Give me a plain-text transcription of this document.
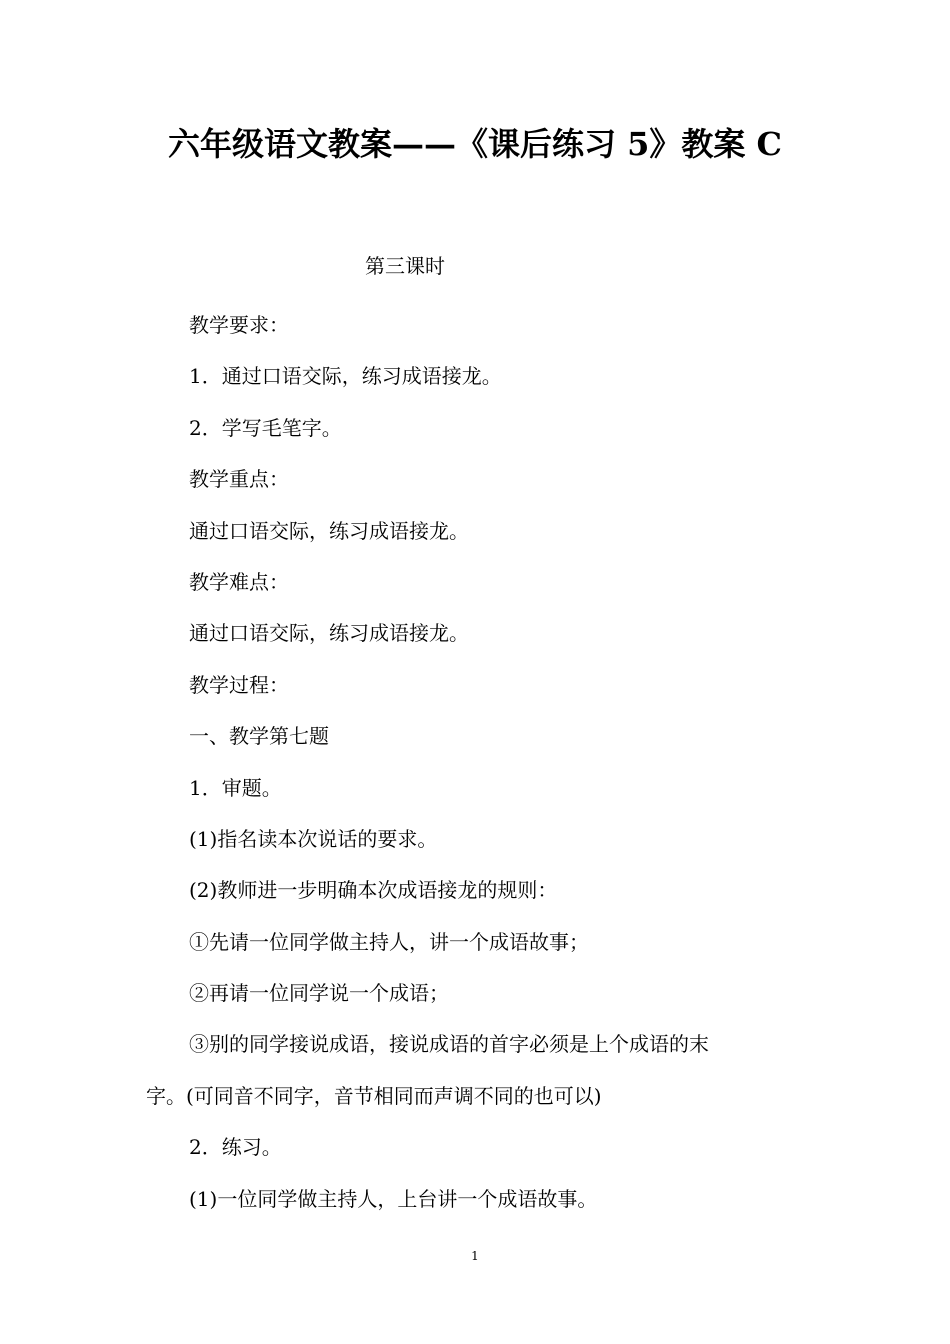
六年级语文教案——《课后练习 5》教案 C
第三课时
教学要求：
1．通过口语交际，练习成语接龙。
2．学写毛笔字。
教学重点：
通过口语交际，练习成语接龙。
教学难点：
通过口语交际，练习成语接龙。
教学过程：
一、教学第七题
1．审题。
(1)指名读本次说话的要求。
(2)教师进一步明确本次成语接龙的规则：
①先请一位同学做主持人，讲一个成语故事；
②再请一位同学说一个成语；
③别的同学接说成语，接说成语的首字必须是上个成语的末
字。(可同音不同字，音节相同而声调不同的也可以)
2．练习。
(1)一位同学做主持人，上台讲一个成语故事。
1
